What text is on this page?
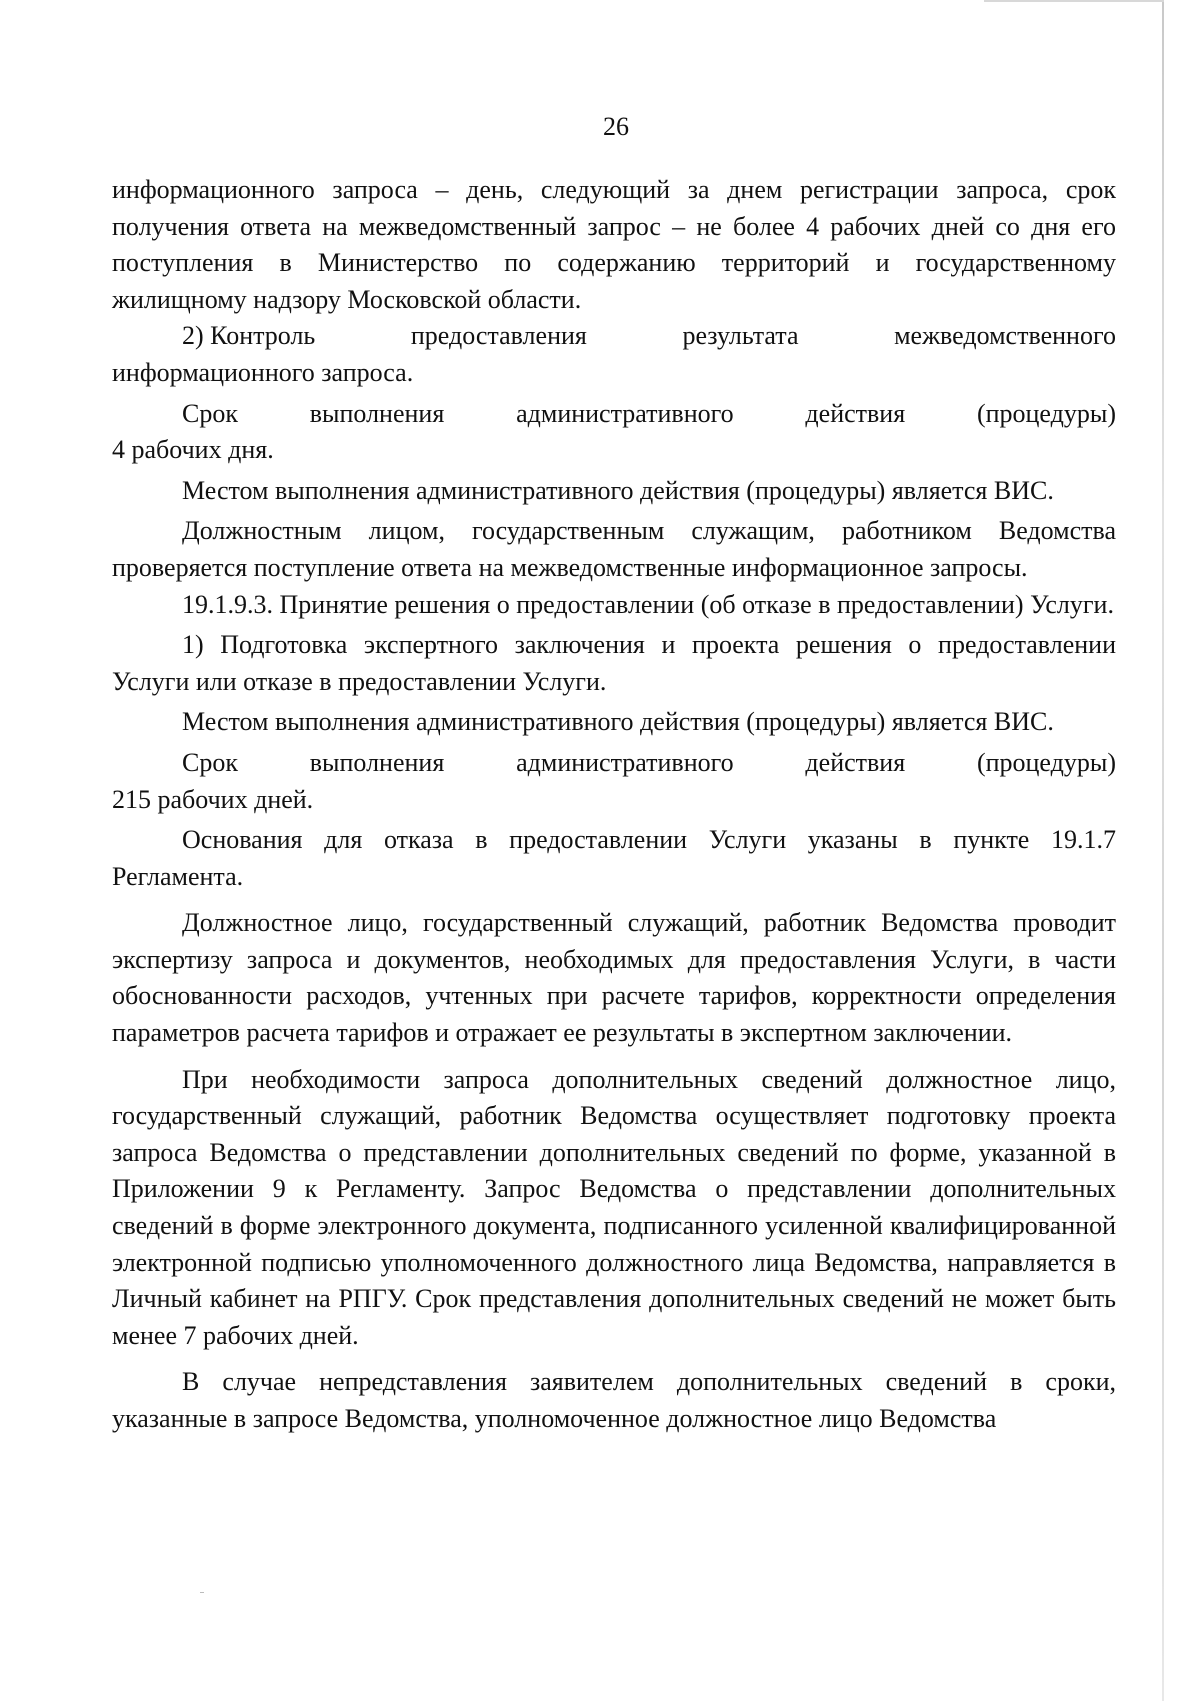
26

информационного запроса – день, следующий за днем регистрации запроса, срок получения ответа на межведомственный запрос – не более 4 рабочих дней со дня его поступления в Министерство по содержанию территорий и государственному жилищному надзору Московской области.

2) Контроль	предоставления	результата	межведомственного

информационного запроса.

Срок	выполнения	административного	действия	(процедуры)

4 рабочих дня.

Местом выполнения административного действия (процедуры) является ВИС.

Должностным лицом, государственным служащим, работником Ведомства проверяется поступление ответа на межведомственные информационное запросы.

19.1.9.3. Принятие решения о предоставлении (об отказе в предоставлении) Услуги.

1) Подготовка экспертного заключения и проекта решения о предоставлении Услуги или отказе в предоставлении Услуги.

Местом выполнения административного действия (процедуры) является ВИС.

Срок	выполнения	административного	действия	(процедуры)

215 рабочих дней.

Основания для отказа в предоставлении Услуги указаны в пункте 19.1.7 Регламента.

Должностное лицо, государственный служащий, работник Ведомства проводит экспертизу запроса и документов, необходимых для предоставления Услуги, в части обоснованности расходов, учтенных при расчете тарифов, корректности определения параметров расчета тарифов и отражает ее результаты в экспертном заключении.

При необходимости запроса дополнительных сведений должностное лицо, государственный служащий, работник Ведомства осуществляет подготовку проекта запроса Ведомства о представлении дополнительных сведений по форме, указанной в Приложении 9 к Регламенту. Запрос Ведомства о представлении дополнительных сведений в форме электронного документа, подписанного усиленной квалифицированной электронной подписью уполномоченного должностного лица Ведомства, направляется в Личный кабинет на РПГУ. Срок представления дополнительных сведений не может быть менее 7 рабочих дней.

В случае непредставления заявителем дополнительных сведений в сроки, указанные в запросе Ведомства, уполномоченное должностное лицо Ведомства
